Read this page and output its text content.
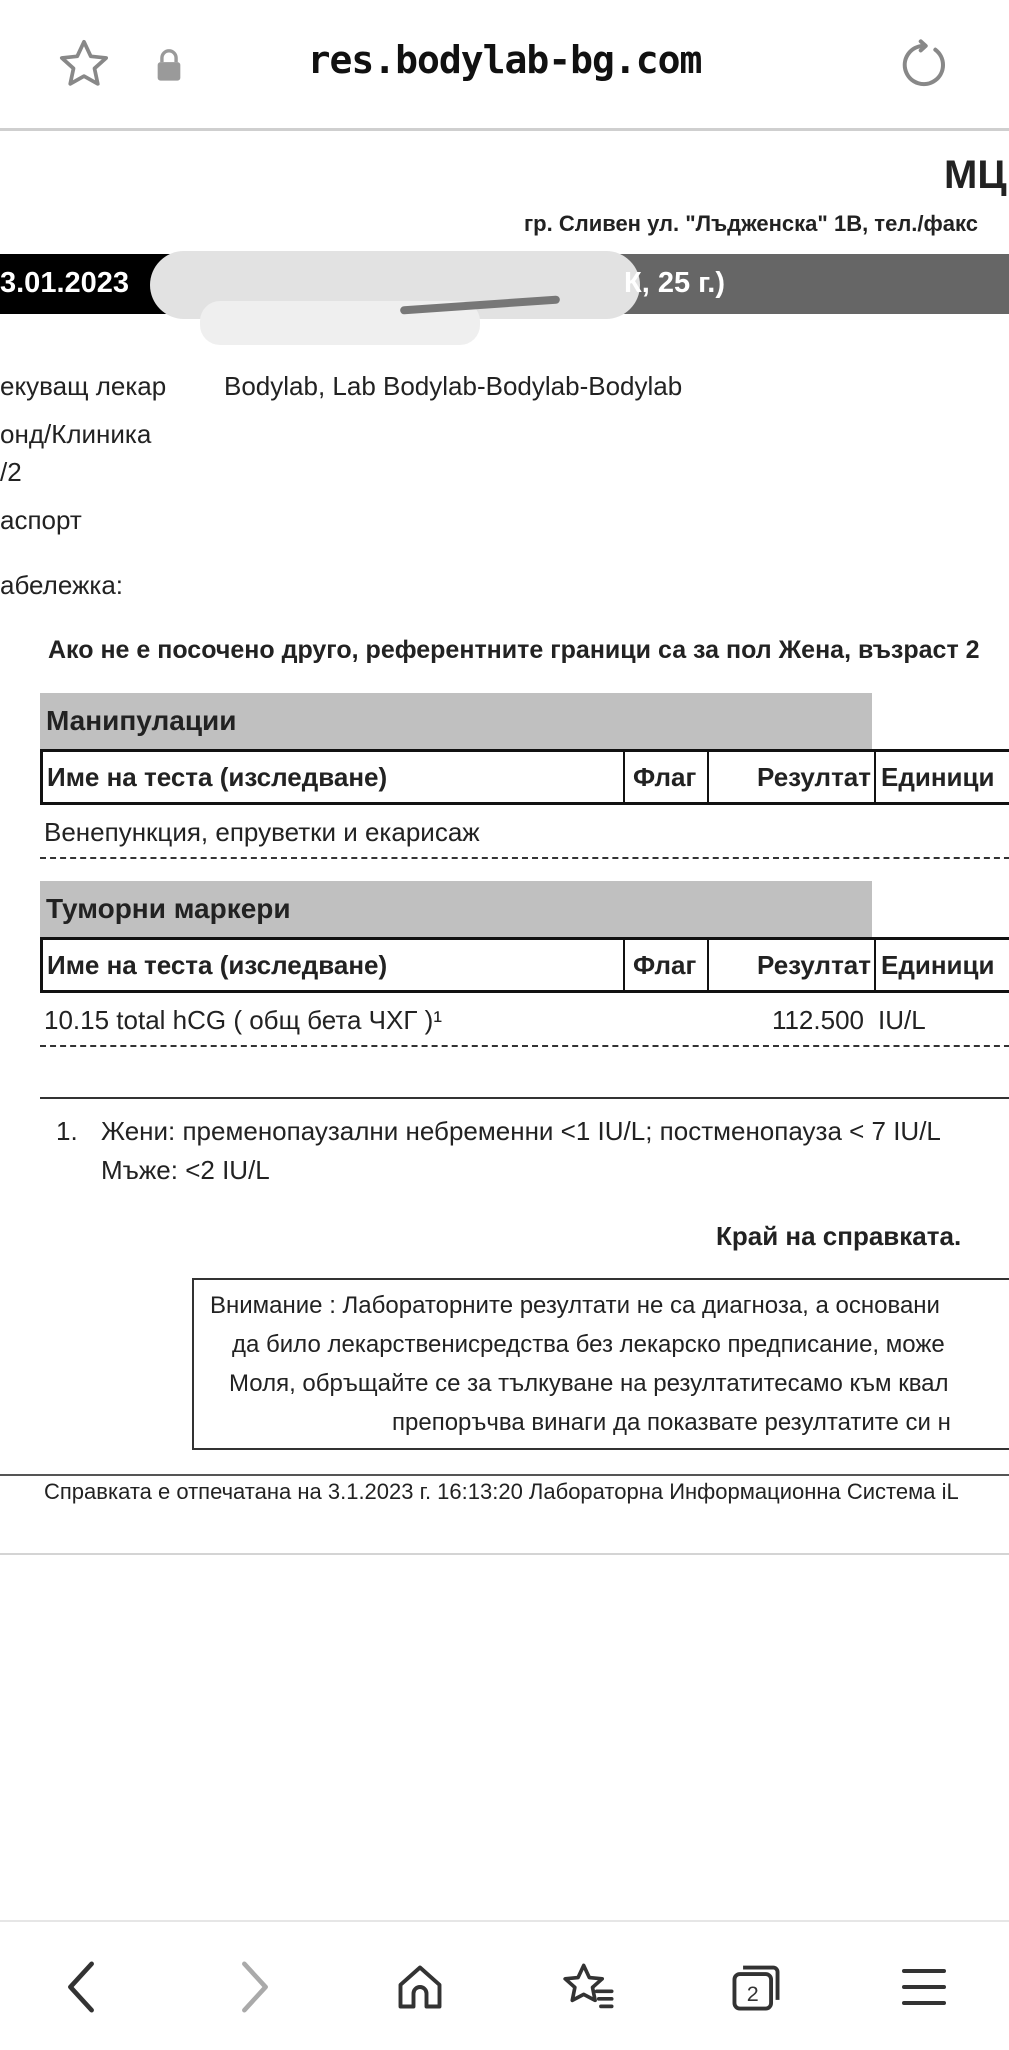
res.bodylab-bg.com
МЦ
гр. Сливен ул. "Лъдженска" 1В, тел./факс
3.01.2023	К, 25 г.)
екуващ лекар Bodylab, Lab Bodylab-Bodylab-Bodylab
онд/Клиника
/2
аспорт
абележка:
Ако не е посочено друго, референтните граници са за пол Жена, възраст 2
Манипулации
Име на теста (изследване)	Флаг	Резултат Единици
Венепункция, епруветки и екарисаж
Туморни маркери
Име на теста (изследване)	Флаг	Резултат Единици
10.15 total hCG ( общ бета ЧХГ )¹	112.500 IU/L
1. Жени: пременопаузални небременни <1 IU/L; постменопауза < 7 IU/L
Мъже: <2 IU/L
Край на справката.
Внимание : Лабораторните резултати не са диагноза, а основани
да било лекарственисредства без лекарско предписание, може
Моля, обръщайте се за тълкуване на резултатитесамо към квал
препоръчва винаги да показвате резултатите си н
Справката е отпечатана на 3.1.2023 г. 16:13:20 Лабораторна Информационна Система iL
2
